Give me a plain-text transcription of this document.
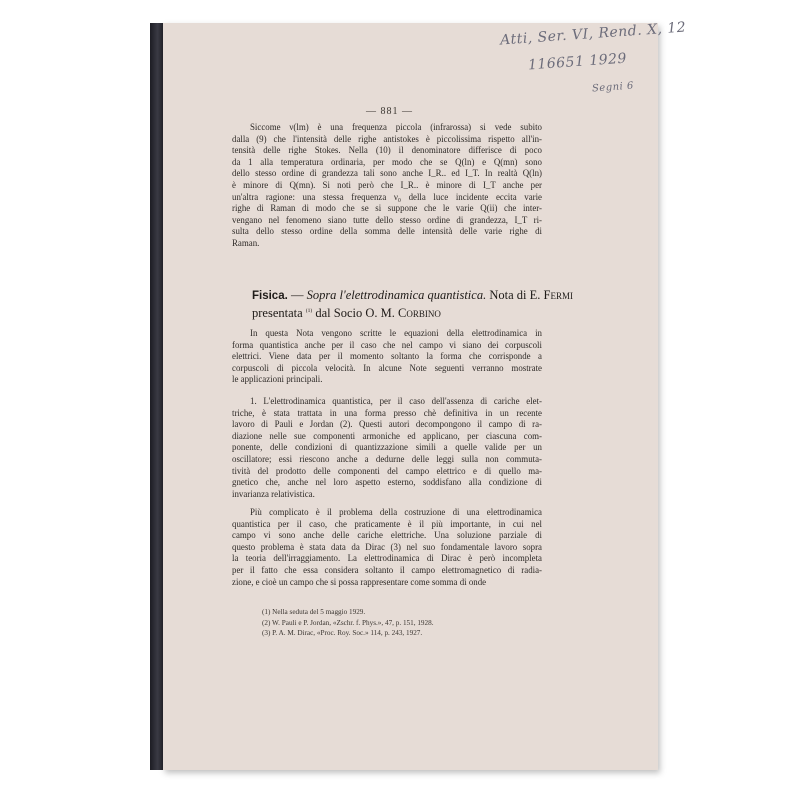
Atti, Ser. VI, Rend. X, 12
116651 1929
Segni 6
— 881 —
Siccome ν(lm) è una frequenza piccola (infrarossa) si vede subito
dalla (9) che l'intensità delle righe antistokes è piccolissima rispetto all'in-
tensità delle righe Stokes. Nella (10) il denominatore differisce di poco
da 1 alla temperatura ordinaria, per modo che se Q(ln) e Q(mn) sono
dello stesso ordine di grandezza tali sono anche I_R.. ed I_T. In realtà Q(ln)
è minore di Q(mn). Si noti però che I_R.. è minore di I_T anche per
un'altra ragione: una stessa frequenza ν₀ della luce incidente eccita varie
righe di Raman di modo che se si suppone che le varie Q(ii) che inter-
vengano nel fenomeno siano tutte dello stesso ordine di grandezza, I_T ri-
sulta dello stesso ordine della somma delle intensità delle varie righe di
Raman.
Fisica. — Sopra l'elettrodinamica quantistica. Nota di E. Fermi
presentata $^{(1)}$ dal Socio O. M. Corbino
In questa Nota vengono scritte le equazioni della elettrodinamica in
forma quantistica anche per il caso che nel campo vi siano dei corpuscoli
elettrici. Viene data per il momento soltanto la forma che corrisponde a
corpuscoli di piccola velocità. In alcune Note seguenti verranno mostrate
le applicazioni principali.
1. L'elettrodinamica quantistica, per il caso dell'assenza di cariche elet-
triche, è stata trattata in una forma presso chè definitiva in un recente
lavoro di Pauli e Jordan (2). Questi autori decompongono il campo di ra-
diazione nelle sue componenti armoniche ed applicano, per ciascuna com-
ponente, delle condizioni di quantizzazione simili a quelle valide per un
oscillatore; essi riescono anche a dedurne delle leggi sulla non commuta-
tività del prodotto delle componenti del campo elettrico e di quello ma-
gnetico che, anche nel loro aspetto esterno, soddisfano alla condizione di
invarianza relativistica.
Più complicato è il problema della costruzione di una elettrodinamica
quantistica per il caso, che praticamente è il più importante, in cui nel
campo vi sono anche delle cariche elettriche. Una soluzione parziale di
questo problema è stata data da Dirac (3) nel suo fondamentale lavoro sopra
la teoria dell'irraggiamento. La elettrodinamica di Dirac è però incompleta
per il fatto che essa considera soltanto il campo elettromagnetico di radia-
zione, e cioè un campo che si possa rappresentare come somma di onde
(1) Nella seduta del 5 maggio 1929.
(2) W. Pauli e P. Jordan, «Zschr. f. Phys.», 47, p. 151, 1928.
(3) P. A. M. Dirac, «Proc. Roy. Soc.» 114, p. 243, 1927.
